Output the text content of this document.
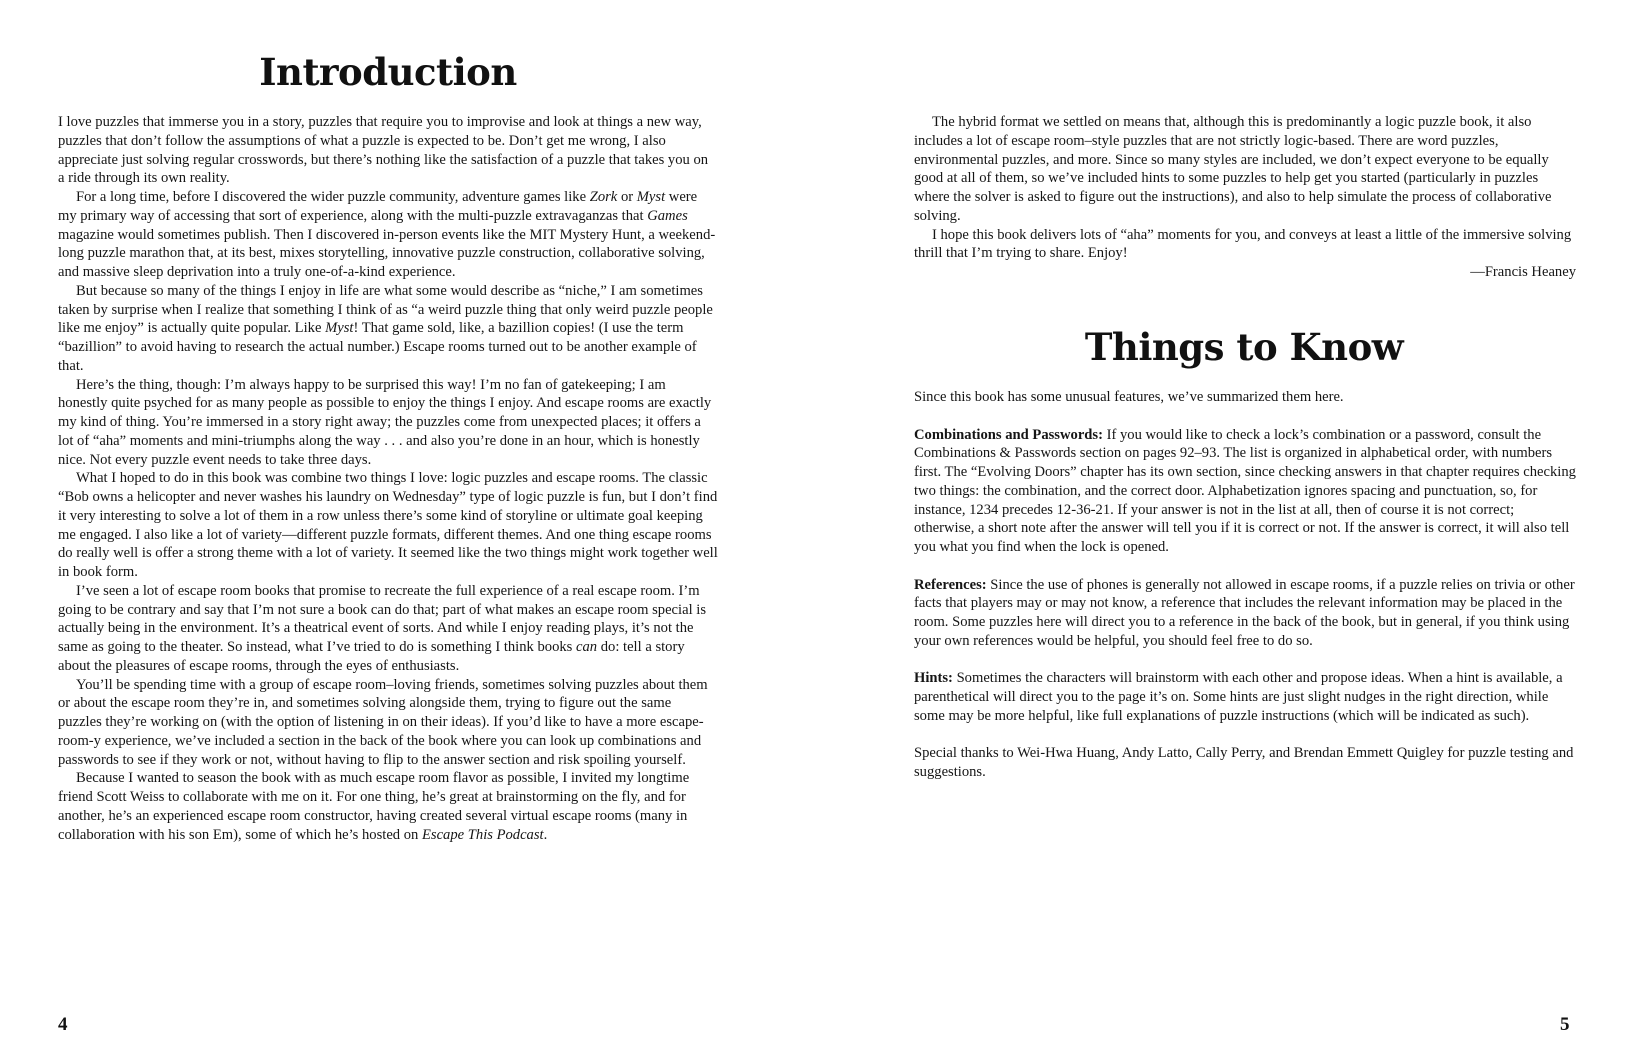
Introduction

I love puzzles that immerse you in a story, puzzles that require you to improvise and look at things a new way, puzzles that don’t follow the assumptions of what a puzzle is expected to be. Don’t get me wrong, I also appreciate just solving regular crosswords, but there’s nothing like the satisfaction of a puzzle that takes you on a ride through its own reality.

For a long time, before I discovered the wider puzzle community, adventure games like Zork or Myst were my primary way of accessing that sort of experience, along with the multi-puzzle extravaganzas that Games magazine would sometimes publish. Then I discovered in-person events like the MIT Mystery Hunt, a weekend-long puzzle marathon that, at its best, mixes storytelling, innovative puzzle construction, collaborative solving, and massive sleep deprivation into a truly one-of-a-kind experience.

But because so many of the things I enjoy in life are what some would describe as “niche,” I am sometimes taken by surprise when I realize that something I think of as “a weird puzzle thing that only weird puzzle people like me enjoy” is actually quite popular. Like Myst! That game sold, like, a bazillion copies! (I use the term “bazillion” to avoid having to research the actual number.) Escape rooms turned out to be another example of that.

Here’s the thing, though: I’m always happy to be surprised this way! I’m no fan of gatekeeping; I am honestly quite psyched for as many people as possible to enjoy the things I enjoy. And escape rooms are exactly my kind of thing. You’re immersed in a story right away; the puzzles come from unexpected places; it offers a lot of “aha” moments and mini-triumphs along the way . . . and also you’re done in an hour, which is honestly nice. Not every puzzle event needs to take three days.

What I hoped to do in this book was combine two things I love: logic puzzles and escape rooms. The classic “Bob owns a helicopter and never washes his laundry on Wednesday” type of logic puzzle is fun, but I don’t find it very interesting to solve a lot of them in a row unless there’s some kind of storyline or ultimate goal keeping me engaged. I also like a lot of variety—different puzzle formats, different themes. And one thing escape rooms do really well is offer a strong theme with a lot of variety. It seemed like the two things might work together well in book form.

I’ve seen a lot of escape room books that promise to recreate the full experience of a real escape room. I’m going to be contrary and say that I’m not sure a book can do that; part of what makes an escape room special is actually being in the environment. It’s a theatrical event of sorts. And while I enjoy reading plays, it’s not the same as going to the theater. So instead, what I’ve tried to do is something I think books can do: tell a story about the pleasures of escape rooms, through the eyes of enthusiasts.

You’ll be spending time with a group of escape room–loving friends, sometimes solving puzzles about them or about the escape room they’re in, and sometimes solving alongside them, trying to figure out the same puzzles they’re working on (with the option of listening in on their ideas). If you’d like to have a more escape-room-y experience, we’ve included a section in the back of the book where you can look up combinations and passwords to see if they work or not, without having to flip to the answer section and risk spoiling yourself.

Because I wanted to season the book with as much escape room flavor as possible, I invited my longtime friend Scott Weiss to collaborate with me on it. For one thing, he’s great at brainstorming on the fly, and for another, he’s an experienced escape room constructor, having created several virtual escape rooms (many in collaboration with his son Em), some of which he’s hosted on Escape This Podcast.

4

The hybrid format we settled on means that, although this is predominantly a logic puzzle book, it also includes a lot of escape room–style puzzles that are not strictly logic-based. There are word puzzles, environmental puzzles, and more. Since so many styles are included, we don’t expect everyone to be equally good at all of them, so we’ve included hints to some puzzles to help get you started (particularly in puzzles where the solver is asked to figure out the instructions), and also to help simulate the process of collaborative solving.

I hope this book delivers lots of “aha” moments for you, and conveys at least a little of the immersive solving thrill that I’m trying to share. Enjoy!

—Francis Heaney

Things to Know

Since this book has some unusual features, we’ve summarized them here.

Combinations and Passwords: If you would like to check a lock’s combination or a password, consult the Combinations & Passwords section on pages 92–93. The list is organized in alphabetical order, with numbers first. The “Evolving Doors” chapter has its own section, since checking answers in that chapter requires checking two things: the combination, and the correct door. Alphabetization ignores spacing and punctuation, so, for instance, 1234 precedes 12-36-21. If your answer is not in the list at all, then of course it is not correct; otherwise, a short note after the answer will tell you if it is correct or not. If the answer is correct, it will also tell you what you find when the lock is opened.

References: Since the use of phones is generally not allowed in escape rooms, if a puzzle relies on trivia or other facts that players may or may not know, a reference that includes the relevant information may be placed in the room. Some puzzles here will direct you to a reference in the back of the book, but in general, if you think using your own references would be helpful, you should feel free to do so.

Hints: Sometimes the characters will brainstorm with each other and propose ideas. When a hint is available, a parenthetical will direct you to the page it’s on. Some hints are just slight nudges in the right direction, while some may be more helpful, like full explanations of puzzle instructions (which will be indicated as such).

Special thanks to Wei-Hwa Huang, Andy Latto, Cally Perry, and Brendan Emmett Quigley for puzzle testing and suggestions.

5
